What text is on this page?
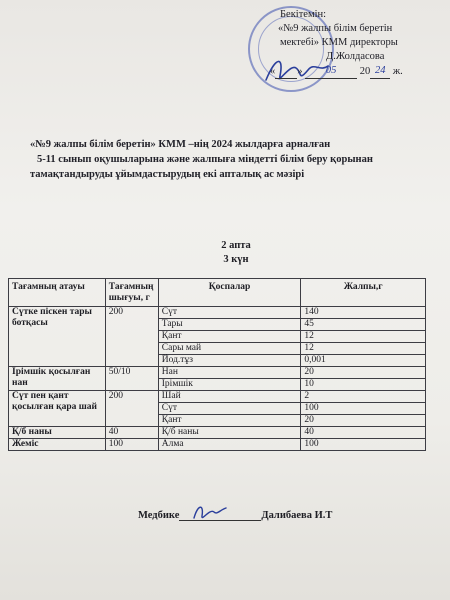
Бекітемін:
«№9 жалпы білім беретін
мектебі» КММ директоры
Д.Жолдасова
« » 05 20 24 ж.
«№9 жалпы білім беретін» КММ –нің 2024 жылдарға арналған
5-11 сынып оқушыларына және жалпыға міндетті білім беру қорынан
тамақтандыруды ұйымдастырудың екі апталық ас мәзірі
2 апта
3 күн
Тағамның атауы	Тағамның шығуы, г	Қоспалар	Жалпы,г
Сүтке піскен тары ботқасы	200	Сүт	140
		Тары	45
		Қант	12
		Сары май	12
		Йод.тұз	0,001
Ірімшік қосылған нан	50/10	Нан	20
		Ірімшік	10
Сүт пен қант қосылған қара шай	200	Шай	2
		Сүт	100
		Қант	20
Қ/б наны	40	Қ/б наны	40
Жеміс	100	Алма	100
Медбике	Далибаева И.Т
